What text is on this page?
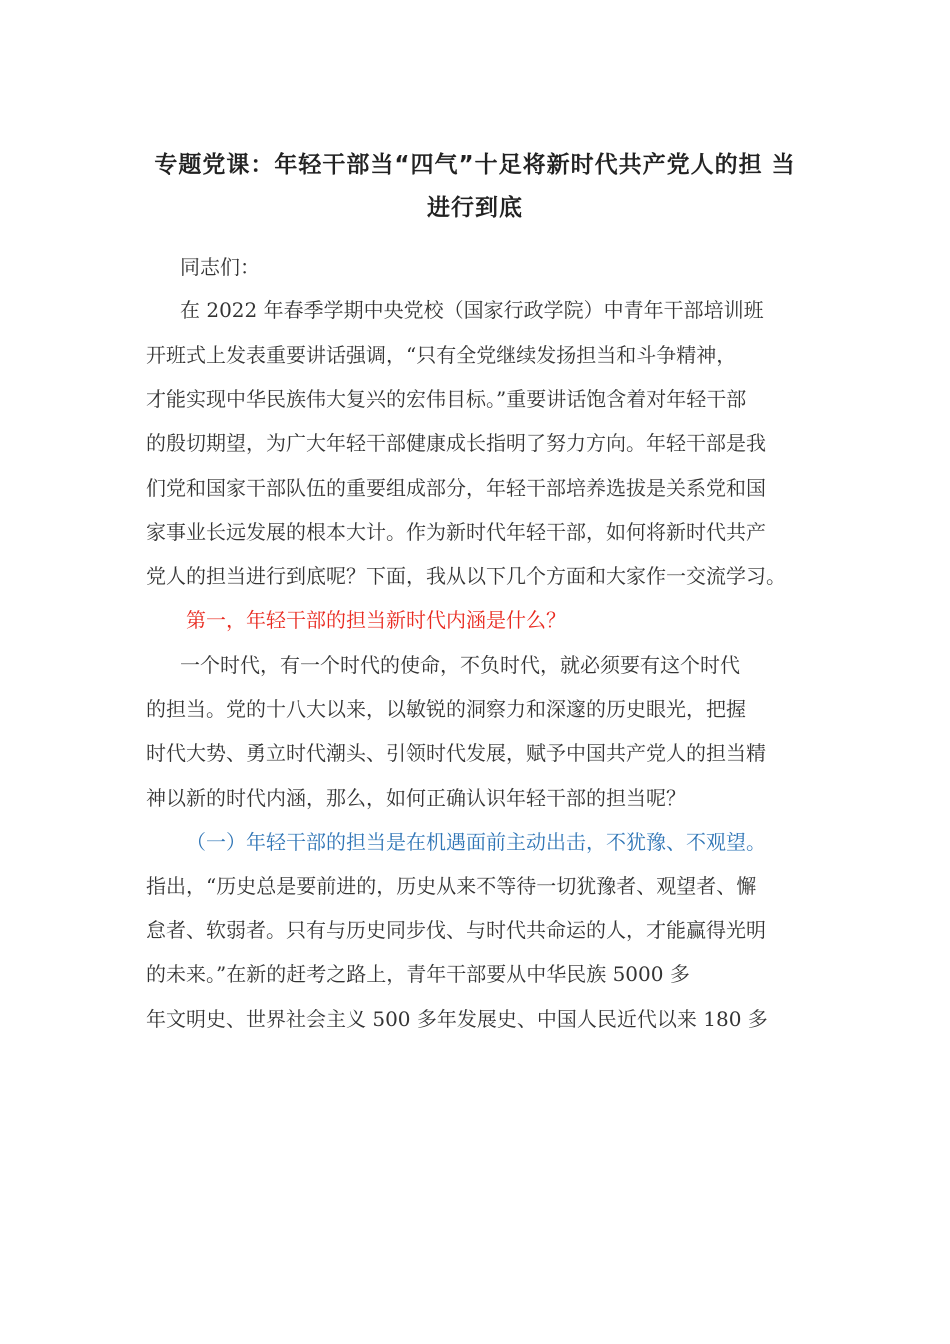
专题党课：年轻干部当“四气”十足将新时代共产党人的担 当
进行到底
同志们：
在 2022 年春季学期中央党校（国家行政学院）中青年干部培训班
开班式上发表重要讲话强调，“只有全党继续发扬担当和斗争精神，
才能实现中华民族伟大复兴的宏伟目标。”重要讲话饱含着对年轻干部
的殷切期望，为广大年轻干部健康成长指明了努力方向。年轻干部是我
们党和国家干部队伍的重要组成部分，年轻干部培养选拔是关系党和国
家事业长远发展的根本大计。作为新时代年轻干部，如何将新时代共产
党人的担当进行到底呢？下面，我从以下几个方面和大家作一交流学习。
第一，年轻干部的担当新时代内涵是什么？
一个时代，有一个时代的使命，不负时代，就必须要有这个时代
的担当。党的十八大以来，以敏锐的洞察力和深邃的历史眼光，把握
时代大势、勇立时代潮头、引领时代发展，赋予中国共产党人的担当精
神以新的时代内涵，那么，如何正确认识年轻干部的担当呢？
（一）年轻干部的担当是在机遇面前主动出击，不犹豫、不观望。
指出，“历史总是要前进的，历史从来不等待一切犹豫者、观望者、懈
怠者、软弱者。只有与历史同步伐、与时代共命运的人，才能赢得光明
的未来。”在新的赶考之路上，青年干部要从中华民族 5000 多
年文明史、世界社会主义 500 多年发展史、中国人民近代以来 180 多
